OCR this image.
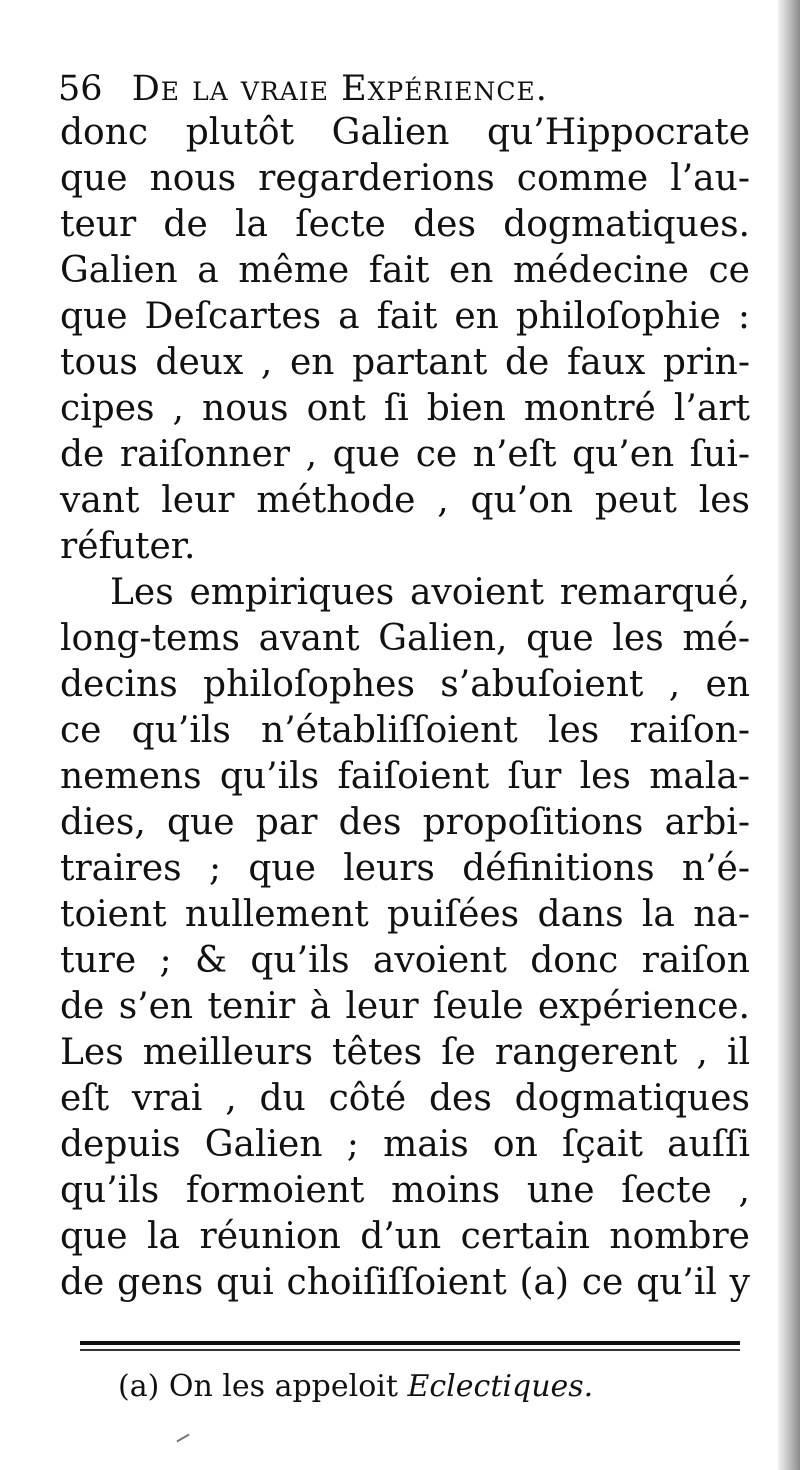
56 De la vraie Expérience.
donc plutôt Galien qu’Hippocrate
que nous regarderions comme l’au-
teur de la ſecte des dogmatiques.
Galien a même fait en médecine ce
que Deſcartes a fait en philoſophie :
tous deux , en partant de faux prin-
cipes , nous ont ſi bien montré l’art
de raiſonner , que ce n’eſt qu’en ſui-
vant leur méthode , qu’on peut les
réfuter.
Les empiriques avoient remarqué,
long-tems avant Galien, que les mé-
decins philoſophes s’abuſoient , en
ce qu’ils n’établiſſoient les raiſon-
nemens qu’ils faiſoient ſur les mala-
dies, que par des propoſitions arbi-
traires ; que leurs définitions n’é-
toient nullement puiſées dans la na-
ture ; & qu’ils avoient donc raiſon
de s’en tenir à leur ſeule expérience.
Les meilleurs têtes ſe rangerent , il
eſt vrai , du côté des dogmatiques
depuis Galien ; mais on ſçait auſſi
qu’ils formoient moins une ſecte ,
que la réunion d’un certain nombre
de gens qui choiſiſſoient (a) ce qu’il y
(a) On les appeloit Eclectiques.
